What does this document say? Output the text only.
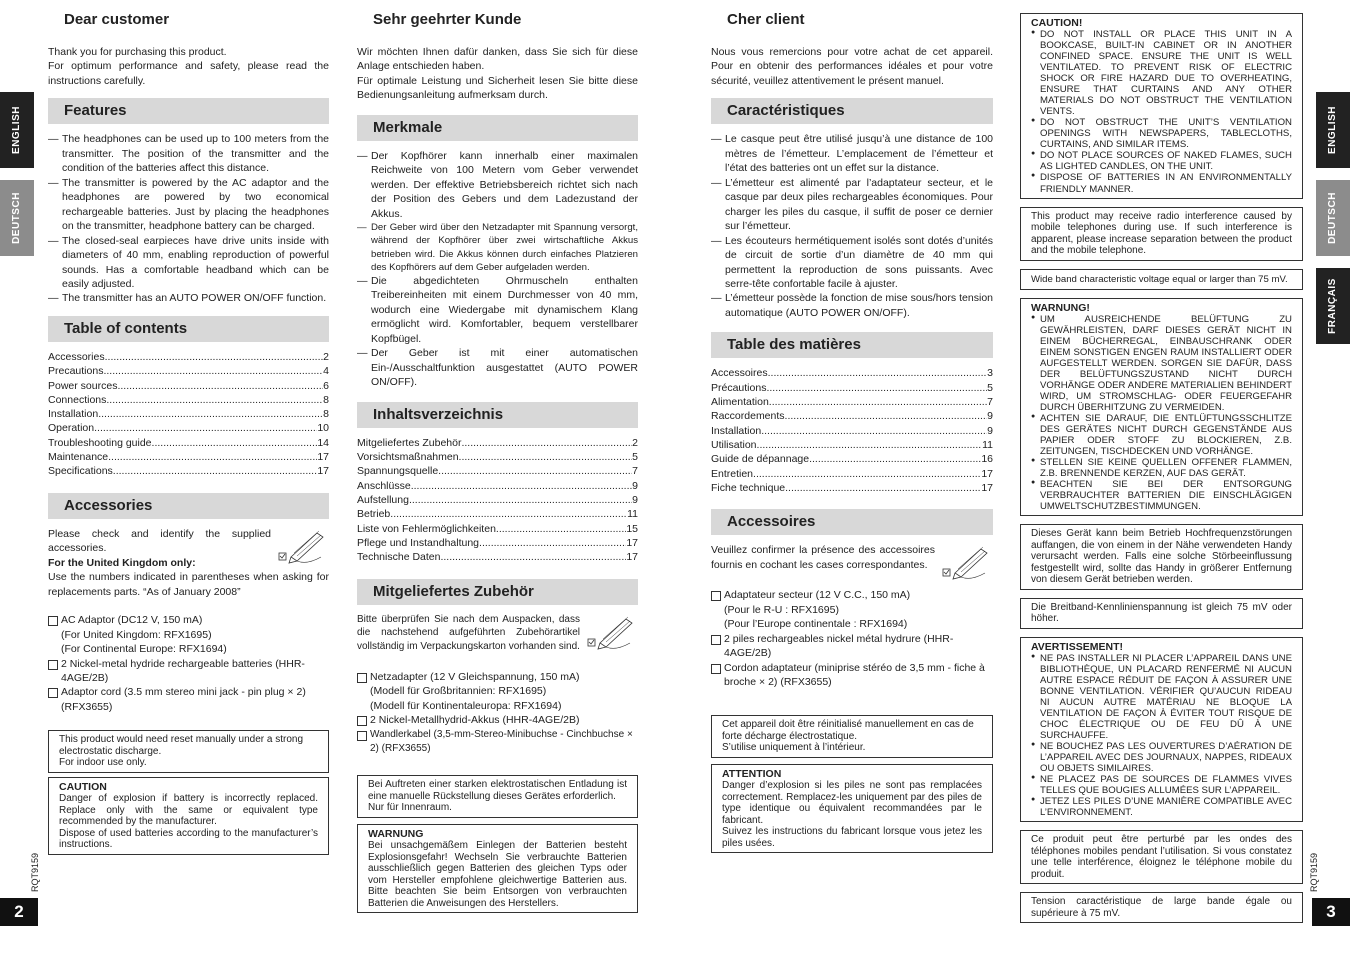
ENGLISH
DEUTSCH
RQT9159
2
ENGLISH
DEUTSCH
FRANÇAIS
RQT9159
3
Dear customer

Thank you for purchasing this product.

For optimum performance and safety, please read the instructions carefully.

Features

— The headphones can be used up to 100 meters from the transmitter. The position of the transmitter and the condition of the batteries affect this distance.

— The transmitter is powered by the AC adaptor and the headphones are powered by two economical rechargeable batteries. Just by placing the headphones on the transmitter, headphone battery can be charged.

— The closed-seal earpieces have drive units inside with diameters of 40 mm, enabling reproduction of powerful sounds. Has a comfortable headband which can be easily adjusted.

— The transmitter has an AUTO POWER ON/OFF function.

Table of contents
Accessories .....	2
Precautions .....	4
Power sources .....	6
Connections .....	8
Installation .....	8
Operation .....	10
Troubleshooting guide .....	14
Maintenance .....	17
Specifications .....	17
Accessories

Please check and identify the supplied accessories.

For the United Kingdom only:

Use the numbers indicated in parentheses when asking for replacements parts. “As of January 2008”

AC Adaptor (DC12 V, 150 mA)

(For United Kingdom: RFX1695)

(For Continental Europe: RFX1694)

2 Nickel-metal hydride rechargeable batteries (HHR-4AGE/2B)

Adaptor cord (3.5 mm stereo mini jack - pin plug × 2) (RFX3655)

This product would need reset manually under a strong electrostatic discharge.

For indoor use only.

CAUTION

Danger of explosion if battery is incorrectly replaced. Replace only with the same or equivalent type recommended by the manufacturer.

Dispose of used batteries according to the manufacturer’s instructions.

Sehr geehrter Kunde

Wir möchten Ihnen dafür danken, dass Sie sich für diese Anlage entschieden haben.

Für optimale Leistung und Sicherheit lesen Sie bitte diese Bedienungsanleitung aufmerksam durch.

Merkmale

— Der Kopfhörer kann innerhalb einer maximalen Reichweite von 100 Metern vom Geber verwendet werden. Der effektive Betriebsbereich richtet sich nach der Position des Gebers und dem Ladezustand der Akkus.

— Der Geber wird über den Netzadapter mit Spannung versorgt, während der Kopfhörer über zwei wirtschaftliche Akkus betrieben wird. Die Akkus können durch einfaches Platzieren des Kopfhörers auf dem Geber aufgeladen werden.

— Die abgedichteten Ohrmuscheln enthalten Treibereinheiten mit einem Durchmesser von 40 mm, wodurch eine Wiedergabe mit dynamischem Klang ermöglicht wird. Komfortabler, bequem verstellbarer Kopfbügel.

— Der Geber ist mit einer automatischen Ein-/Ausschaltfunktion ausgestattet (AUTO POWER ON/OFF).

Inhaltsverzeichnis
Mitgeliefertes Zubehör .....	2
Vorsichtsmaßnahmen .....	5
Spannungsquelle .....	7
Anschlüsse .....	9
Aufstellung .....	9
Betrieb .....	11
Liste von Fehlermöglichkeiten .....	15
Pflege und Instandhaltung .....	17
Technische Daten .....	17
Mitgeliefertes Zubehör

Bitte überprüfen Sie nach dem Auspacken, dass die nachstehend aufgeführten Zubehörartikel vollständig im Verpackungskarton vorhanden sind.

Netzadapter (12 V Gleichspannung, 150 mA)

(Modell für Großbritannien: RFX1695)

(Modell für Kontinentaleuropa: RFX1694)

2 Nickel-Metallhydrid-Akkus (HHR-4AGE/2B)

Wandlerkabel (3,5-mm-Stereo-Minibuchse - Cinchbuchse × 2) (RFX3655)

Bei Auftreten einer starken elektrostatischen Entladung ist eine manuelle Rückstellung dieses Gerätes erforderlich.

Nur für Innenraum.

WARNUNG

Bei unsachgemäßem Einlegen der Batterien besteht Explosionsgefahr! Wechseln Sie verbrauchte Batterien ausschließlich gegen Batterien des gleichen Typs oder vom Hersteller empfohlene gleichwertige Batterien aus. Bitte beachten Sie beim Entsorgen von verbrauchten Batterien die Anweisungen des Herstellers.

Cher client

Nous vous remercions pour votre achat de cet appareil. Pour en obtenir des performances idéales et pour votre sécurité, veuillez attentivement le présent manuel.

Caractéristiques

— Le casque peut être utilisé jusqu’à une distance de 100 mètres de l’émetteur. L’emplacement de l’émetteur et l’état des batteries ont un effet sur la distance.

— L’émetteur est alimenté par l’adaptateur secteur, et le casque par deux piles rechargeables économiques. Pour charger les piles du casque, il suffit de poser ce dernier sur l’émetteur.

— Les écouteurs hermétiquement isolés sont dotés d’unités de circuit de sortie d’un diamètre de 40 mm qui permettent la reproduction de sons puissants. Avec serre-tête confortable facile à ajuster.

— L’émetteur possède la fonction de mise sous/hors tension automatique (AUTO POWER ON/OFF).

Table des matières
Accessoires .....	3
Précautions .....	5
Alimentation .....	7
Raccordements .....	9
Installation .....	9
Utilisation .....	11
Guide de dépannage .....	16
Entretien .....	17
Fiche technique .....	17
Accessoires

Veuillez confirmer la présence des accessoires fournis en cochant les cases correspondantes.

Adaptateur secteur (12 V C.C., 150 mA)

(Pour le R-U : RFX1695)

(Pour l’Europe continentale : RFX1694)

2 piles rechargeables nickel métal hydrure (HHR-4AGE/2B)

Cordon adaptateur (miniprise stéréo de 3,5 mm - fiche à broche × 2) (RFX3655)

Cet appareil doit être réinitialisé manuellement en cas de forte décharge électrostatique.

S’utilise uniquement à l’intérieur.

ATTENTION

Danger d’explosion si les piles ne sont pas remplacées correctement. Remplacez-les uniquement par des piles de type identique ou équivalent recommandées par le fabricant.

Suivez les instructions du fabricant lorsque vous jetez les piles usées.

CAUTION!

● DO NOT INSTALL OR PLACE THIS UNIT IN A BOOKCASE, BUILT-IN CABINET OR IN ANOTHER CONFINED SPACE. ENSURE THE UNIT IS WELL VENTILATED. TO PREVENT RISK OF ELECTRIC SHOCK OR FIRE HAZARD DUE TO OVERHEATING, ENSURE THAT CURTAINS AND ANY OTHER MATERIALS DO NOT OBSTRUCT THE VENTILATION VENTS.

● DO NOT OBSTRUCT THE UNIT’S VENTILATION OPENINGS WITH NEWSPAPERS, TABLECLOTHS, CURTAINS, AND SIMILAR ITEMS.

● DO NOT PLACE SOURCES OF NAKED FLAMES, SUCH AS LIGHTED CANDLES, ON THE UNIT.

● DISPOSE OF BATTERIES IN AN ENVIRONMENTALLY FRIENDLY MANNER.

This product may receive radio interference caused by mobile telephones during use. If such interference is apparent, please increase separation between the product and the mobile telephone.

Wide band characteristic voltage equal or larger than 75 mV.

WARNUNG!

● UM AUSREICHENDE BELÜFTUNG ZU GEWÄHRLEISTEN, DARF DIESES GERÄT NICHT IN EINEM BÜCHERREGAL, EINBAUSCHRANK ODER EINEM SONSTIGEN ENGEN RAUM INSTALLIERT ODER AUFGESTELLT WERDEN. SORGEN SIE DAFÜR, DASS DER BELÜFTUNGSZUSTAND NICHT DURCH VORHÄNGE ODER ANDERE MATERIALIEN BEHINDERT WIRD, UM STROMSCHLAG- ODER FEUERGEFAHR DURCH ÜBERHITZUNG ZU VERMEIDEN.

● ACHTEN SIE DARAUF, DIE ENTLÜFTUNGSSCHLITZE DES GERÄTES NICHT DURCH GEGENSTÄNDE AUS PAPIER ODER STOFF ZU BLOCKIEREN, Z.B. ZEITUNGEN, TISCHDECKEN UND VORHÄNGE.

● STELLEN SIE KEINE QUELLEN OFFENER FLAMMEN, Z.B. BRENNENDE KERZEN, AUF DAS GERÄT.

● BEACHTEN SIE BEI DER ENTSORGUNG VERBRAUCHTER BATTERIEN DIE EINSCHLÄGIGEN UMWELTSCHUTZBESTIMMUNGEN.

Dieses Gerät kann beim Betrieb Hochfrequenzstörungen auffangen, die von einem in der Nähe verwendeten Handy verursacht werden. Falls eine solche Störbeeinflussung festgestellt wird, sollte das Handy in größerer Entfernung von diesem Gerät betrieben werden.

Die Breitband-Kennlinienspannung ist gleich 75 mV oder höher.

AVERTISSEMENT!

● NE PAS INSTALLER NI PLACER L’APPAREIL DANS UNE BIBLIOTHÈQUE, UN PLACARD RENFERMÉ NI AUCUN AUTRE ESPACE RÉDUIT DE FAÇON À ASSURER UNE BONNE VENTILATION. VÉRIFIER QU’AUCUN RIDEAU NI AUCUN AUTRE MATÉRIAU NE BLOQUE LA VENTILATION DE FAÇON À ÉVITER TOUT RISQUE DE CHOC ÉLECTRIQUE OU DE FEU DÛ À UNE SURCHAUFFE.

● NE BOUCHEZ PAS LES OUVERTURES D’AÉRATION DE L’APPAREIL AVEC DES JOURNAUX, NAPPES, RIDEAUX OU OBJETS SIMILAIRES.

● NE PLACEZ PAS DE SOURCES DE FLAMMES VIVES TELLES QUE BOUGIES ALLUMÉES SUR L’APPAREIL.

● JETEZ LES PILES D’UNE MANIÈRE COMPATIBLE AVEC L’ENVIRONNEMENT.

Ce produit peut être perturbé par les ondes des téléphones mobiles pendant l’utilisation. Si vous constatez une telle interférence, éloignez le téléphone mobile du produit.

Tension caractéristique de large bande égale ou supérieure à 75 mV.
